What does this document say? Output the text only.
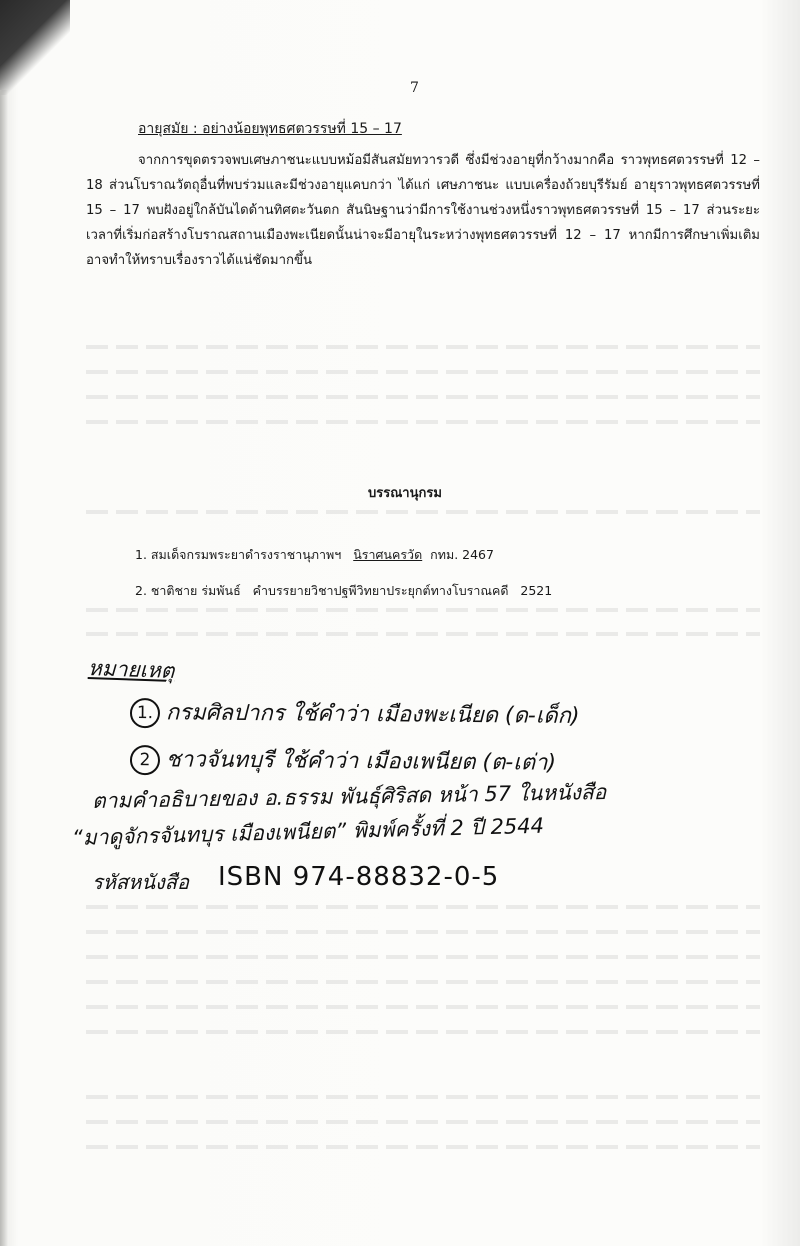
7

อายุสมัย : อย่างน้อยพุทธศตวรรษที่ 15 – 17

จากการขุดตรวจพบเศษภาชนะแบบหม้อมีสันสมัยทวารวดี ซึ่งมีช่วงอายุที่กว้างมากคือ ราวพุทธศตวรรษที่ 12 – 18 ส่วนโบราณวัตถุอื่นที่พบร่วมและมีช่วงอายุแคบกว่า ได้แก่ เศษภาชนะ แบบเครื่องถ้วยบุรีรัมย์ อายุราวพุทธศตวรรษที่ 15 – 17 พบฝังอยู่ใกล้บันไดด้านทิศตะวันตก สันนิษฐานว่ามีการใช้งานช่วงหนึ่งราวพุทธศตวรรษที่ 15 – 17 ส่วนระยะเวลาที่เริ่มก่อสร้างโบราณสถานเมืองพะเนียดนั้นน่าจะมีอายุในระหว่างพุทธศตวรรษที่ 12 – 17 หากมีการศึกษาเพิ่มเติมอาจทำให้ทราบเรื่องราวได้แน่ชัดมากขึ้น

บรรณานุกรม

1. สมเด็จกรมพระยาดำรงราชานุภาพฯ นิราศนครวัด กทม. 2467

2. ชาติชาย ร่มพันธ์ คำบรรยายวิชาปฐพีวิทยาประยุกต์ทางโบราณคดี 2521

หมายเหตุ

1. กรมศิลปากร ใช้คำว่า เมืองพะเนียด (ด-เด็ก)

2 ชาวจันทบุรี ใช้คำว่า เมืองเพนียต (ต-เต่า)

ตามคำอธิบายของ อ.ธรรม พันธุ์ศิริสด หน้า 57 ในหนังสือ

“มาดูจักรจันทบุร เมืองเพนียต” พิมพ์ครั้งที่ 2 ปี 2544

รหัสหนังสือ ISBN 974-88832-0-5
